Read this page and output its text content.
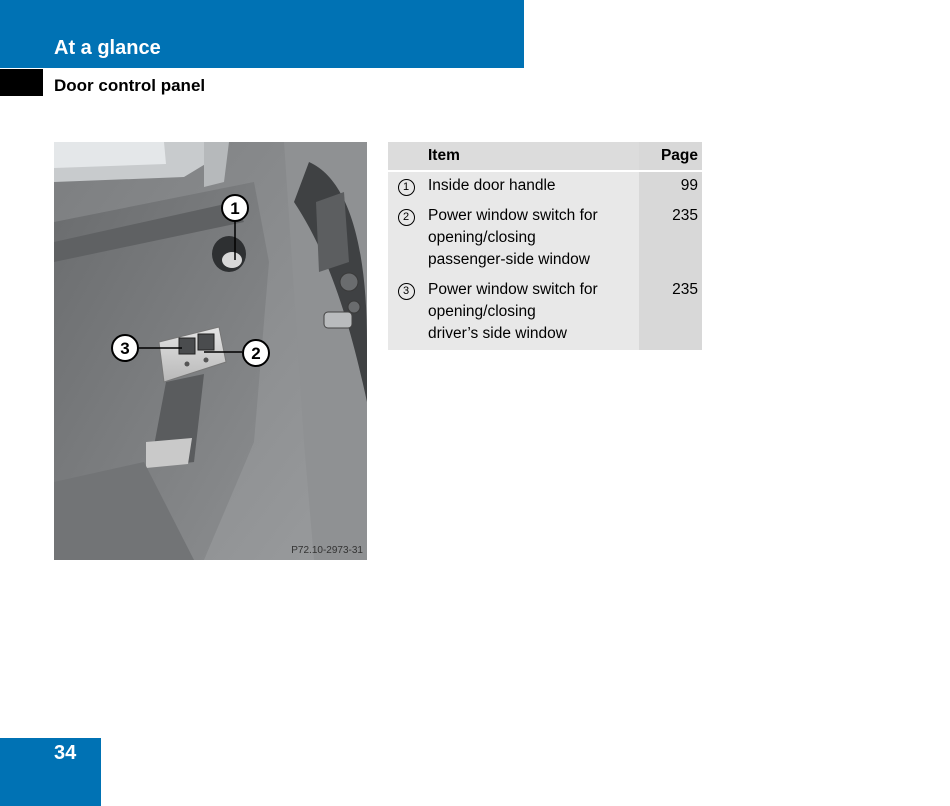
At a glance
Door control panel
1
3	2
P72.10-2973-31
	Item	Page
1	Inside door handle	99
2	Power window switch for
opening/closing
passenger-side window	235
3	Power window switch for
opening/closing
driver’s side window	235
34
